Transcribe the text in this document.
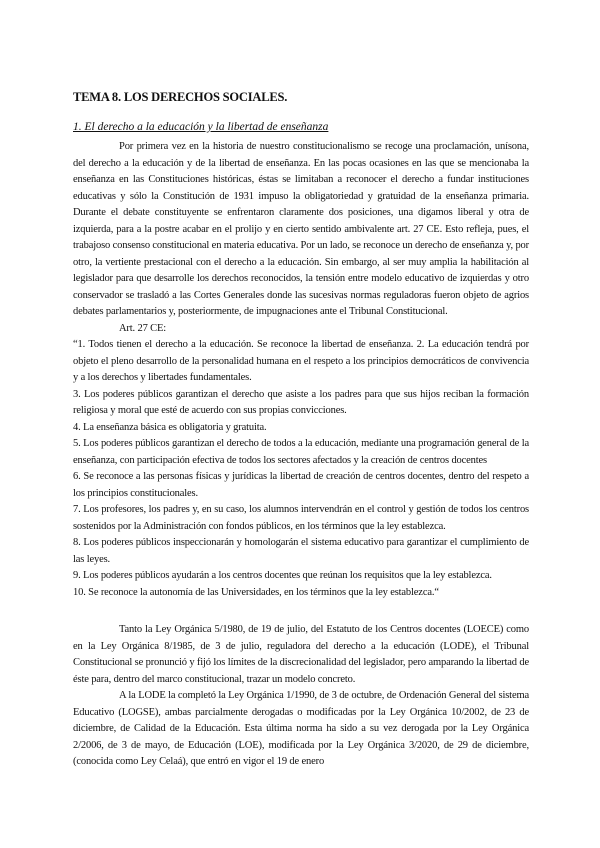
TEMA 8. LOS DERECHOS SOCIALES.
1. El derecho a la educación y la libertad de enseñanza

Por primera vez en la historia de nuestro constitucionalismo se recoge una proclamación, unísona, del derecho a la educación y de la libertad de enseñanza. En las pocas ocasiones en las que se mencionaba la enseñanza en las Constituciones históricas, éstas se limitaban a reconocer el derecho a fundar instituciones educativas y sólo la Constitución de 1931 impuso la obligatoriedad y gratuidad de la enseñanza primaria. Durante el debate constituyente se enfrentaron claramente dos posiciones, una digamos liberal y otra de izquierda, para a la postre acabar en el prolijo y en cierto sentido ambivalente art. 27 CE. Esto refleja, pues, el trabajoso consenso constitucional en materia educativa. Por un lado, se reconoce un derecho de enseñanza y, por otro, la vertiente prestacional con el derecho a la educación. Sin embargo, al ser muy amplia la habilitación al legislador para que desarrolle los derechos reconocidos, la tensión entre modelo educativo de izquierdas y otro conservador se trasladó a las Cortes Generales donde las sucesivas normas reguladoras fueron objeto de agrios debates parlamentarios y, posteriormente, de impugnaciones ante el Tribunal Constitucional.

Art. 27 CE:

“1. Todos tienen el derecho a la educación. Se reconoce la libertad de enseñanza. 2. La educación tendrá por objeto el pleno desarrollo de la personalidad humana en el respeto a los principios democráticos de convivencia y a los derechos y libertades fundamentales.

3. Los poderes públicos garantizan el derecho que asiste a los padres para que sus hijos reciban la formación religiosa y moral que esté de acuerdo con sus propias convicciones.

4. La enseñanza básica es obligatoria y gratuita.

5. Los poderes públicos garantizan el derecho de todos a la educación, mediante una programación general de la enseñanza, con participación efectiva de todos los sectores afectados y la creación de centros docentes

6. Se reconoce a las personas físicas y jurídicas la libertad de creación de centros docentes, dentro del respeto a los principios constitucionales.

7. Los profesores, los padres y, en su caso, los alumnos intervendrán en el control y gestión de todos los centros sostenidos por la Administración con fondos públicos, en los términos que la ley establezca.

8. Los poderes públicos inspeccionarán y homologarán el sistema educativo para garantizar el cumplimiento de las leyes.

9. Los poderes públicos ayudarán a los centros docentes que reúnan los requisitos que la ley establezca.

10. Se reconoce la autonomía de las Universidades, en los términos que la ley establezca.“

Tanto la Ley Orgánica 5/1980, de 19 de julio, del Estatuto de los Centros docentes (LOECE) como en la Ley Orgánica 8/1985, de 3 de julio, reguladora del derecho a la educación (LODE), el Tribunal Constitucional se pronunció y fijó los límites de la discrecionalidad del legislador, pero amparando la libertad de éste para, dentro del marco constitucional, trazar un modelo concreto.

A la LODE la completó la Ley Orgánica 1/1990, de 3 de octubre, de Ordenación General del sistema Educativo (LOGSE), ambas parcialmente derogadas o modificadas por la Ley Orgánica 10/2002, de 23 de diciembre, de Calidad de la Educación. Esta última norma ha sido a su vez derogada por la Ley Orgánica 2/2006, de 3 de mayo, de Educación (LOE), modificada por la Ley Orgánica 3/2020, de 29 de diciembre, (conocida como Ley Celaá), que entró en vigor el 19 de enero
